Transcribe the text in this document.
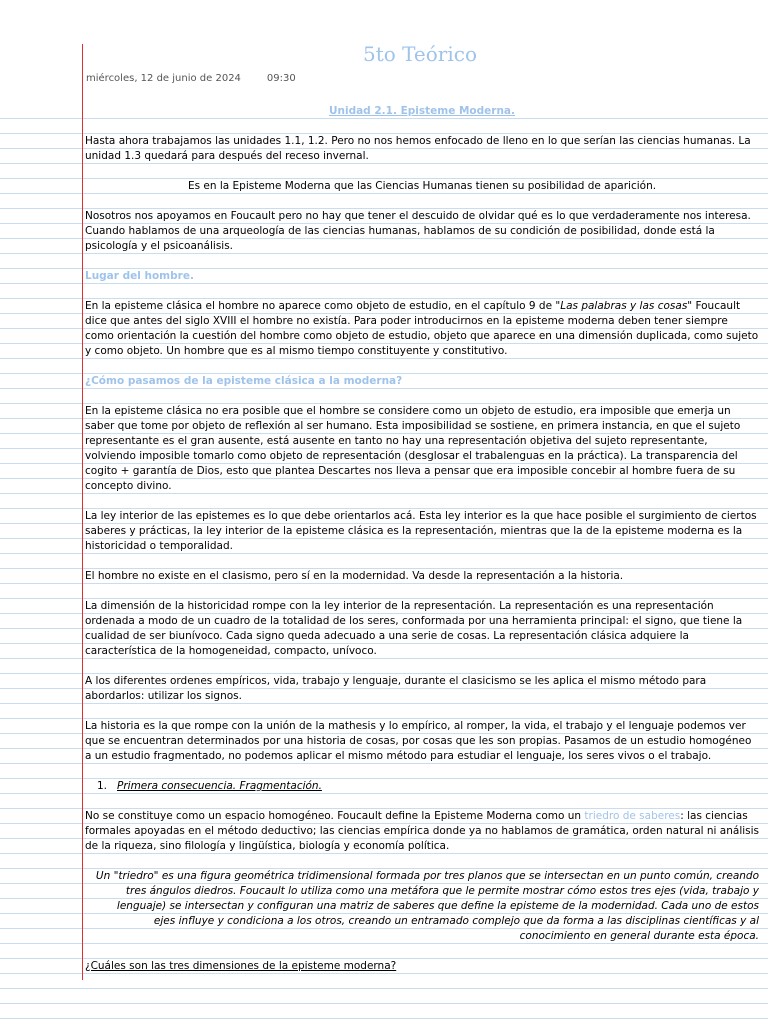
5to Teórico
miércoles, 12 de junio de 2024	09:30

Unidad 2.1. Episteme Moderna.

Hasta ahora trabajamos las unidades 1.1, 1.2. Pero no nos hemos enfocado de lleno en lo que serían las ciencias humanas. La unidad 1.3 quedará para después del receso invernal.

Es en la Episteme Moderna que las Ciencias Humanas tienen su posibilidad de aparición.

Nosotros nos apoyamos en Foucault pero no hay que tener el descuido de olvidar qué es lo que verdaderamente nos interesa. Cuando hablamos de una arqueología de las ciencias humanas, hablamos de su condición de posibilidad, donde está la psicología y el psicoanálisis.

Lugar del hombre.

En la episteme clásica el hombre no aparece como objeto de estudio, en el capítulo 9 de "Las palabras y las cosas" Foucault dice que antes del siglo XVIII el hombre no existía. Para poder introducirnos en la episteme moderna deben tener siempre como orientación la cuestión del hombre como objeto de estudio, objeto que aparece en una dimensión duplicada, como sujeto y como objeto. Un hombre que es al mismo tiempo constituyente y constitutivo.

¿Cómo pasamos de la episteme clásica a la moderna?

En la episteme clásica no era posible que el hombre se considere como un objeto de estudio, era imposible que emerja un saber que tome por objeto de reflexión al ser humano. Esta imposibilidad se sostiene, en primera instancia, en que el sujeto representante es el gran ausente, está ausente en tanto no hay una representación objetiva del sujeto representante, volviendo imposible tomarlo como objeto de representación (desglosar el trabalenguas en la práctica). La transparencia del cogito + garantía de Dios, esto que plantea Descartes nos lleva a pensar que era imposible concebir al hombre fuera de su concepto divino.

La ley interior de las epistemes es lo que debe orientarlos acá. Esta ley interior es la que hace posible el surgimiento de ciertos saberes y prácticas, la ley interior de la episteme clásica es la representación, mientras que la de la episteme moderna es la historicidad o temporalidad.

El hombre no existe en el clasismo, pero sí en la modernidad. Va desde la representación a la historia.

La dimensión de la historicidad rompe con la ley interior de la representación. La representación es una representación ordenada a modo de un cuadro de la totalidad de los seres, conformada por una herramienta principal: el signo, que tiene la cualidad de ser biunívoco. Cada signo queda adecuado a una serie de cosas. La representación clásica adquiere la característica de la homogeneidad, compacto, unívoco.

A los diferentes ordenes empíricos, vida, trabajo y lenguaje, durante el clasicismo se les aplica el mismo método para abordarlos: utilizar los signos.

La historia es la que rompe con la unión de la mathesis y lo empírico, al romper, la vida, el trabajo y el lenguaje podemos ver que se encuentran determinados por una historia de cosas, por cosas que les son propias. Pasamos de un estudio homogéneo a un estudio fragmentado, no podemos aplicar el mismo método para estudiar el lenguaje, los seres vivos o el trabajo.

1. Primera consecuencia. Fragmentación.

No se constituye como un espacio homogéneo. Foucault define la Episteme Moderna como un triedro de saberes: las ciencias formales apoyadas en el método deductivo; las ciencias empírica donde ya no hablamos de gramática, orden natural ni análisis de la riqueza, sino filología y lingüística, biología y economía política.

Un "triedro" es una figura geométrica tridimensional formada por tres planos que se intersectan en un punto común, creando tres ángulos diedros. Foucault lo utiliza como una metáfora que le permite mostrar cómo estos tres ejes (vida, trabajo y lenguaje) se intersectan y configuran una matriz de saberes que define la episteme de la modernidad. Cada uno de estos ejes influye y condiciona a los otros, creando un entramado complejo que da forma a las disciplinas científicas y al conocimiento en general durante esta época.

¿Cuáles son las tres dimensiones de la episteme moderna?
